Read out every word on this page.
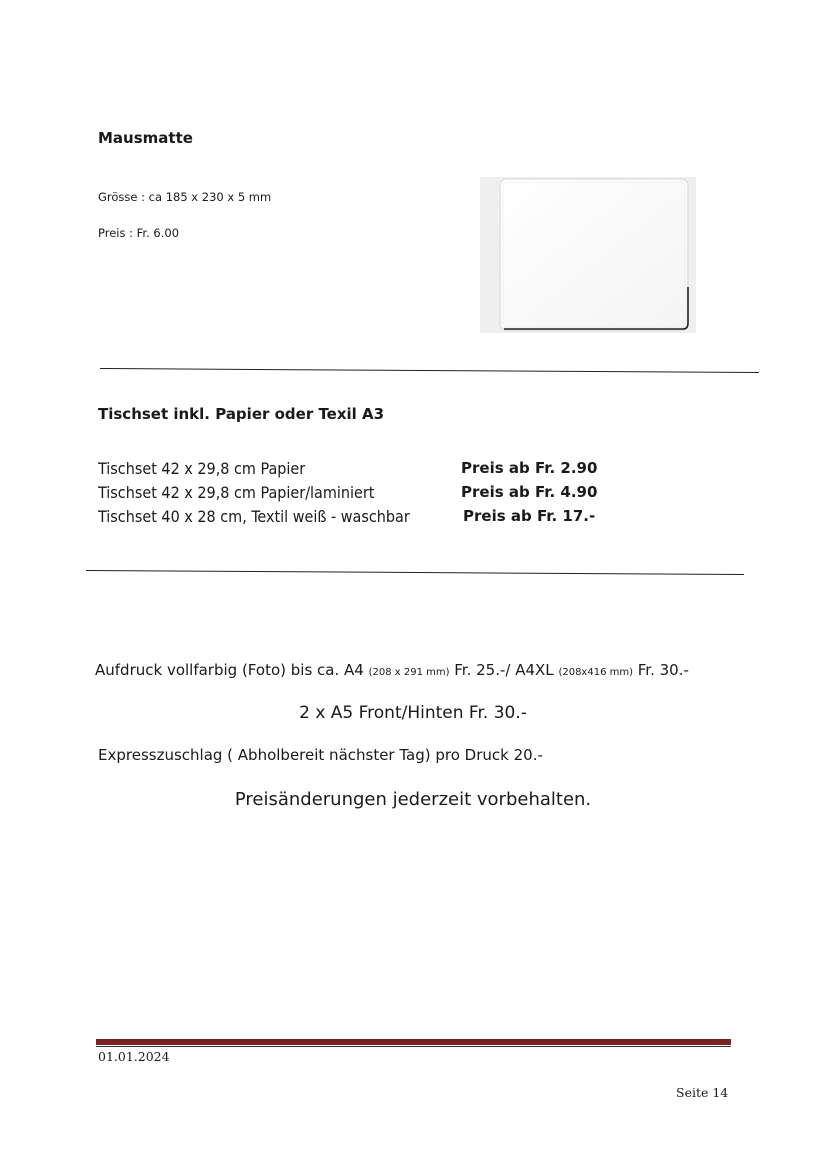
Mausmatte
Grösse : ca 185 x 230 x 5 mm
Preis : Fr. 6.00
Tischset inkl. Papier oder Texil A3
Tischset 42 x 29,8 cm Papier	Preis ab Fr. 2.90
Tischset 42 x 29,8 cm Papier/laminiert	Preis ab Fr. 4.90
Tischset 40 x 28 cm, Textil weiß - waschbar	Preis ab Fr. 17.-
Aufdruck vollfarbig (Foto) bis ca. A4 (208 x 291 mm) Fr. 25.-/ A4XL (208x416 mm) Fr. 30.-
2 x A5 Front/Hinten Fr. 30.-
Expresszuschlag ( Abholbereit nächster Tag) pro Druck 20.-
Preisänderungen jederzeit vorbehalten.
01.01.2024
Seite 14
